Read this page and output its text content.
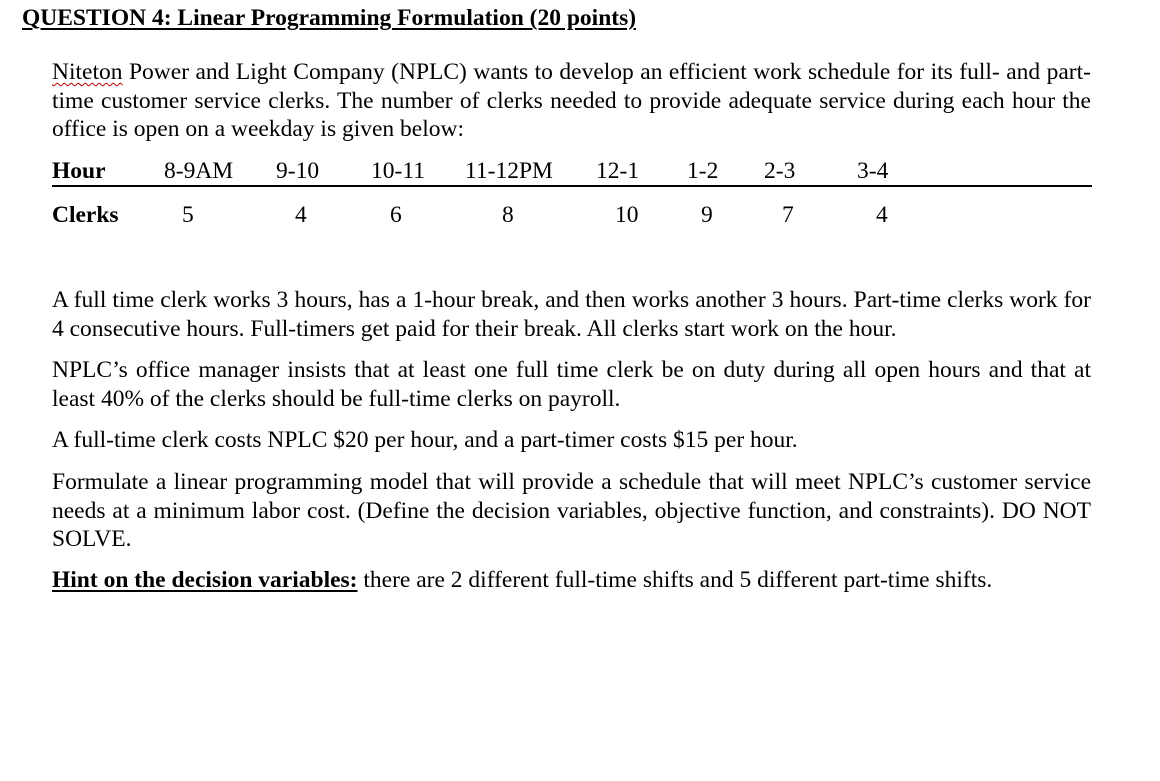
QUESTION 4: Linear Programming Formulation (20 points)
Niteton Power and Light Company (NPLC) wants to develop an efficient work schedule for its full- and part-time customer service clerks. The number of clerks needed to provide adequate service during each hour the office is open on a weekday is given below:
Hour 8-9AM 9-10 10-11 11-12PM 12-1 1-2 2-3	3-4
Clerks	5	4	6	8	10	9	7	4
A full time clerk works 3 hours, has a 1-hour break, and then works another 3 hours. Part-time clerks work for 4 consecutive hours. Full-timers get paid for their break. All clerks start work on the hour.
NPLC’s office manager insists that at least one full time clerk be on duty during all open hours and that at least 40% of the clerks should be full-time clerks on payroll.
A full-time clerk costs NPLC $20 per hour, and a part-timer costs $15 per hour.
Formulate a linear programming model that will provide a schedule that will meet NPLC’s customer service needs at a minimum labor cost. (Define the decision variables, objective function, and constraints). DO NOT SOLVE.
Hint on the decision variables: there are 2 different full-time shifts and 5 different part-time shifts.
